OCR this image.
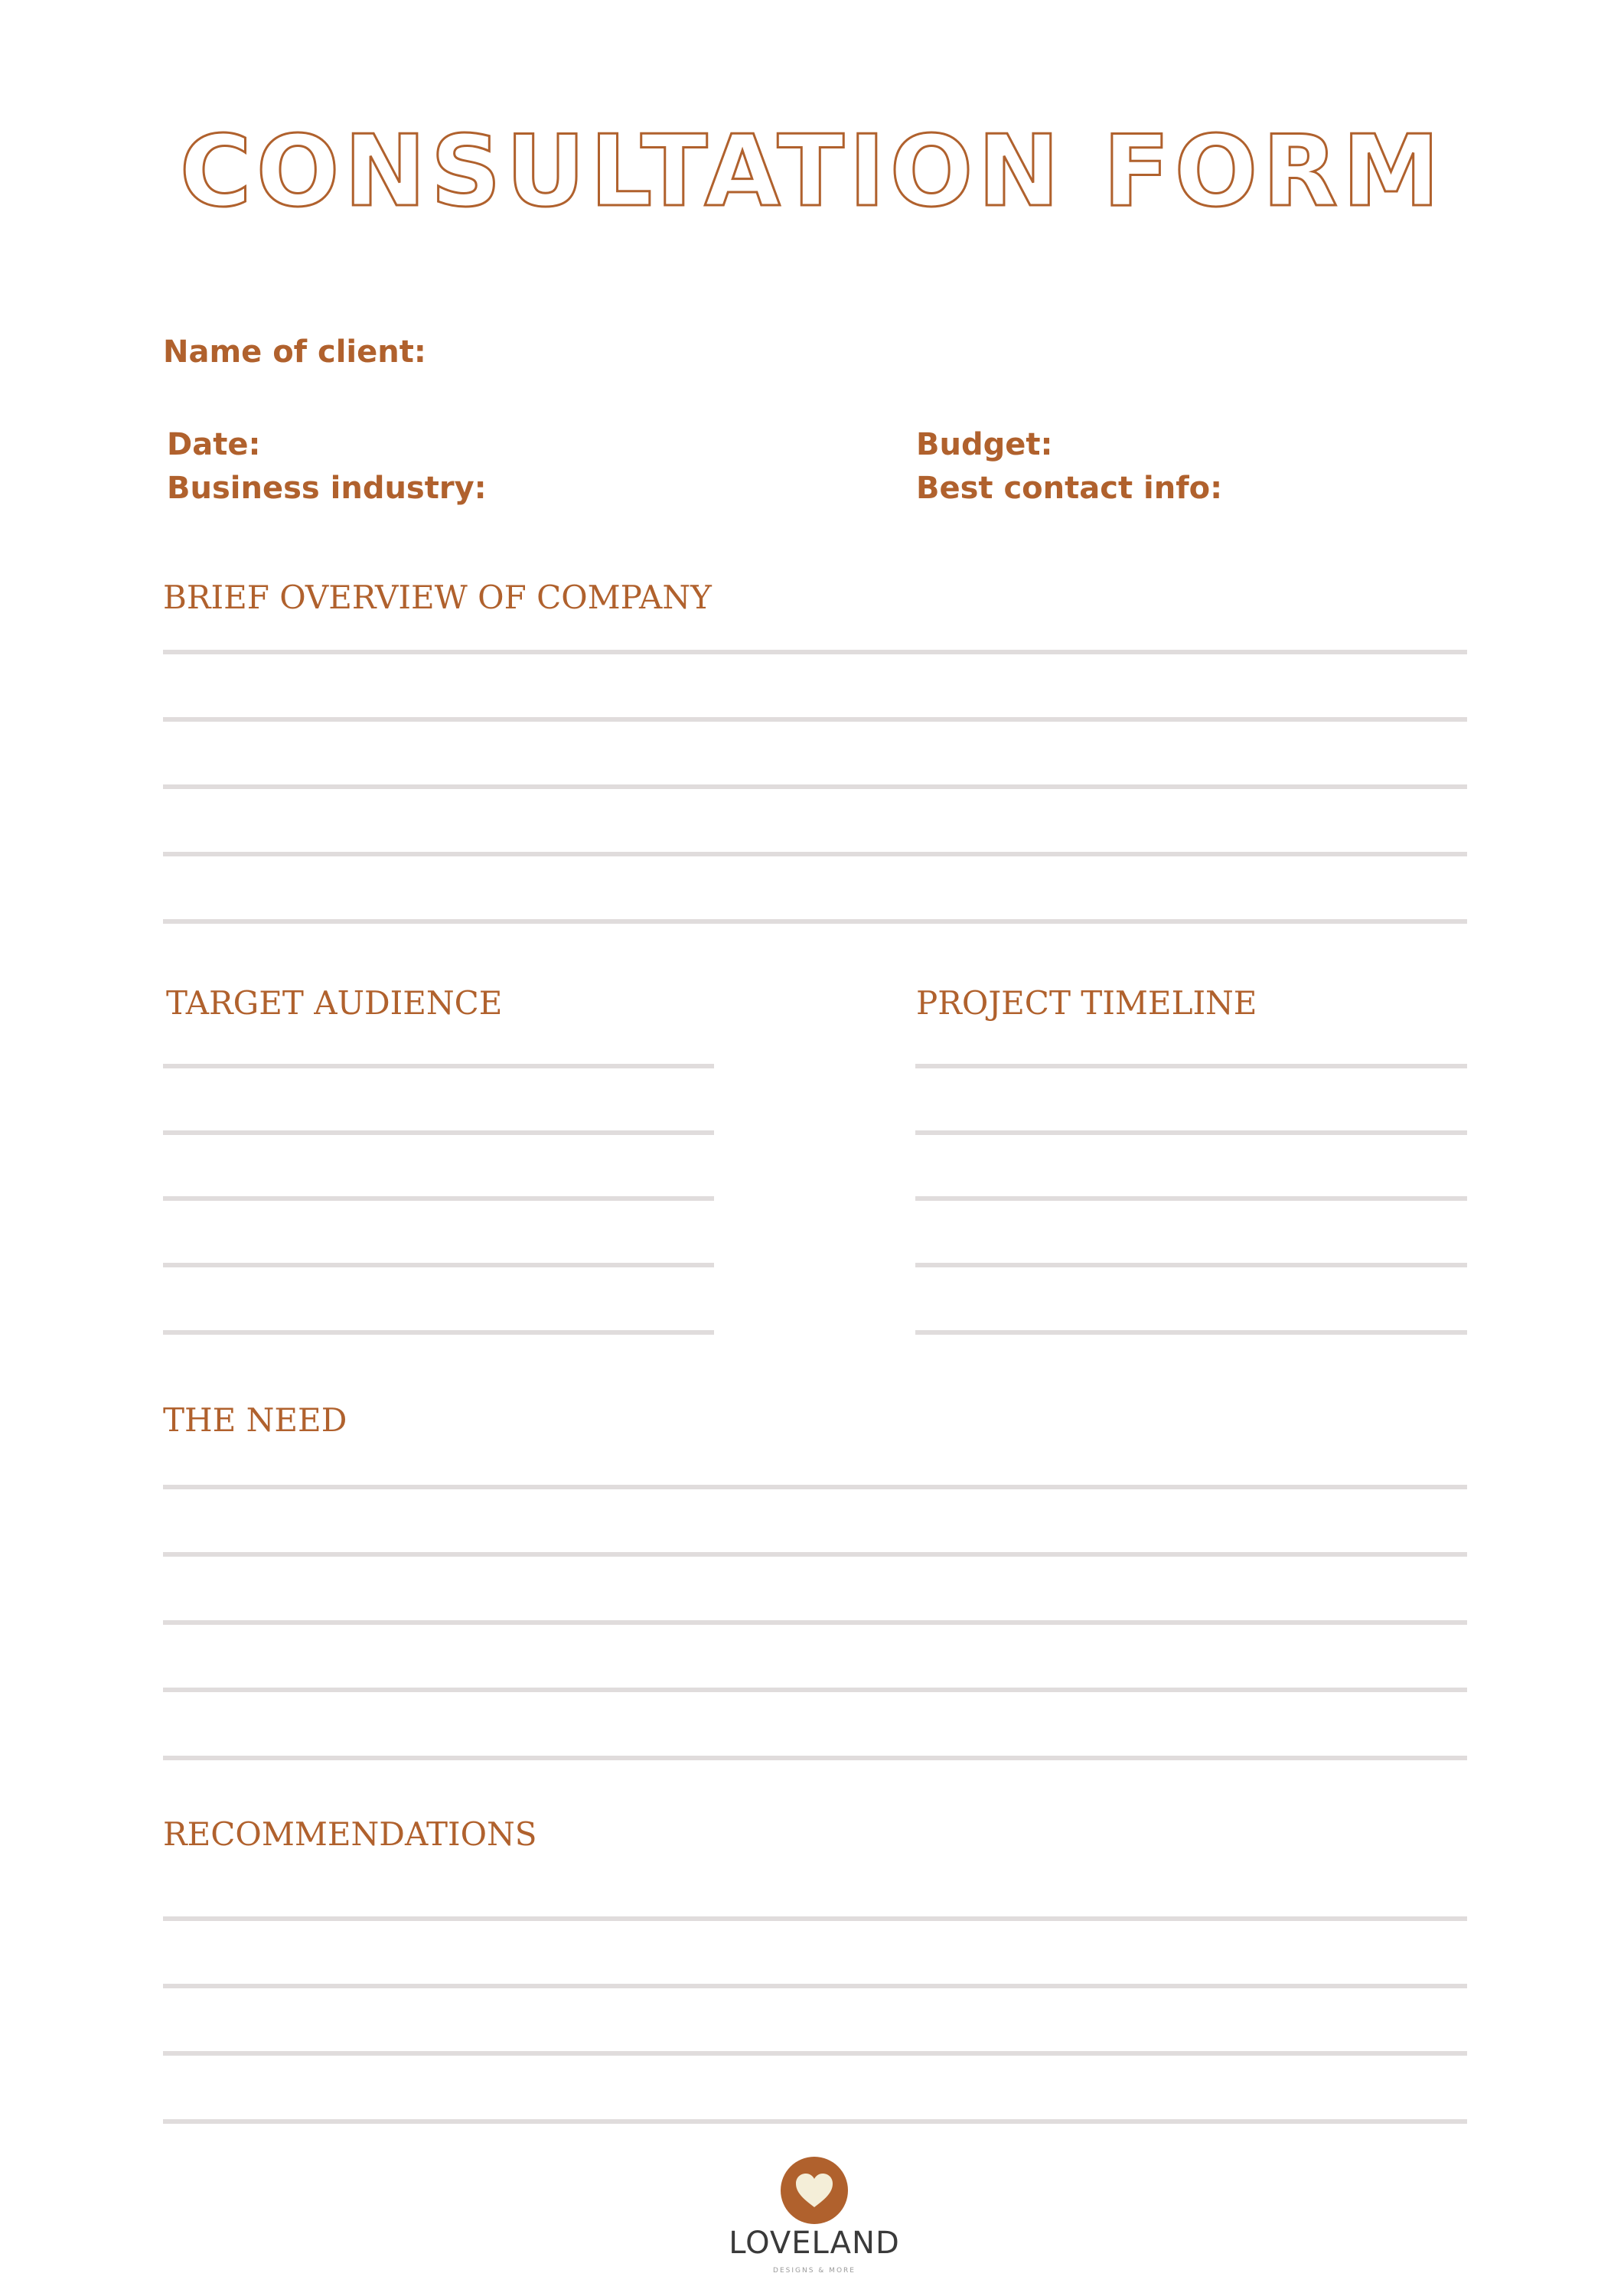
CONSULTATION FORM
Name of client:
Date:
Business industry:
Budget:
Best contact info:
BRIEF OVERVIEW OF COMPANY
TARGET AUDIENCE	PROJECT TIMELINE
THE NEED
RECOMMENDATIONS
LOVELAND
DESIGNS & MORE
